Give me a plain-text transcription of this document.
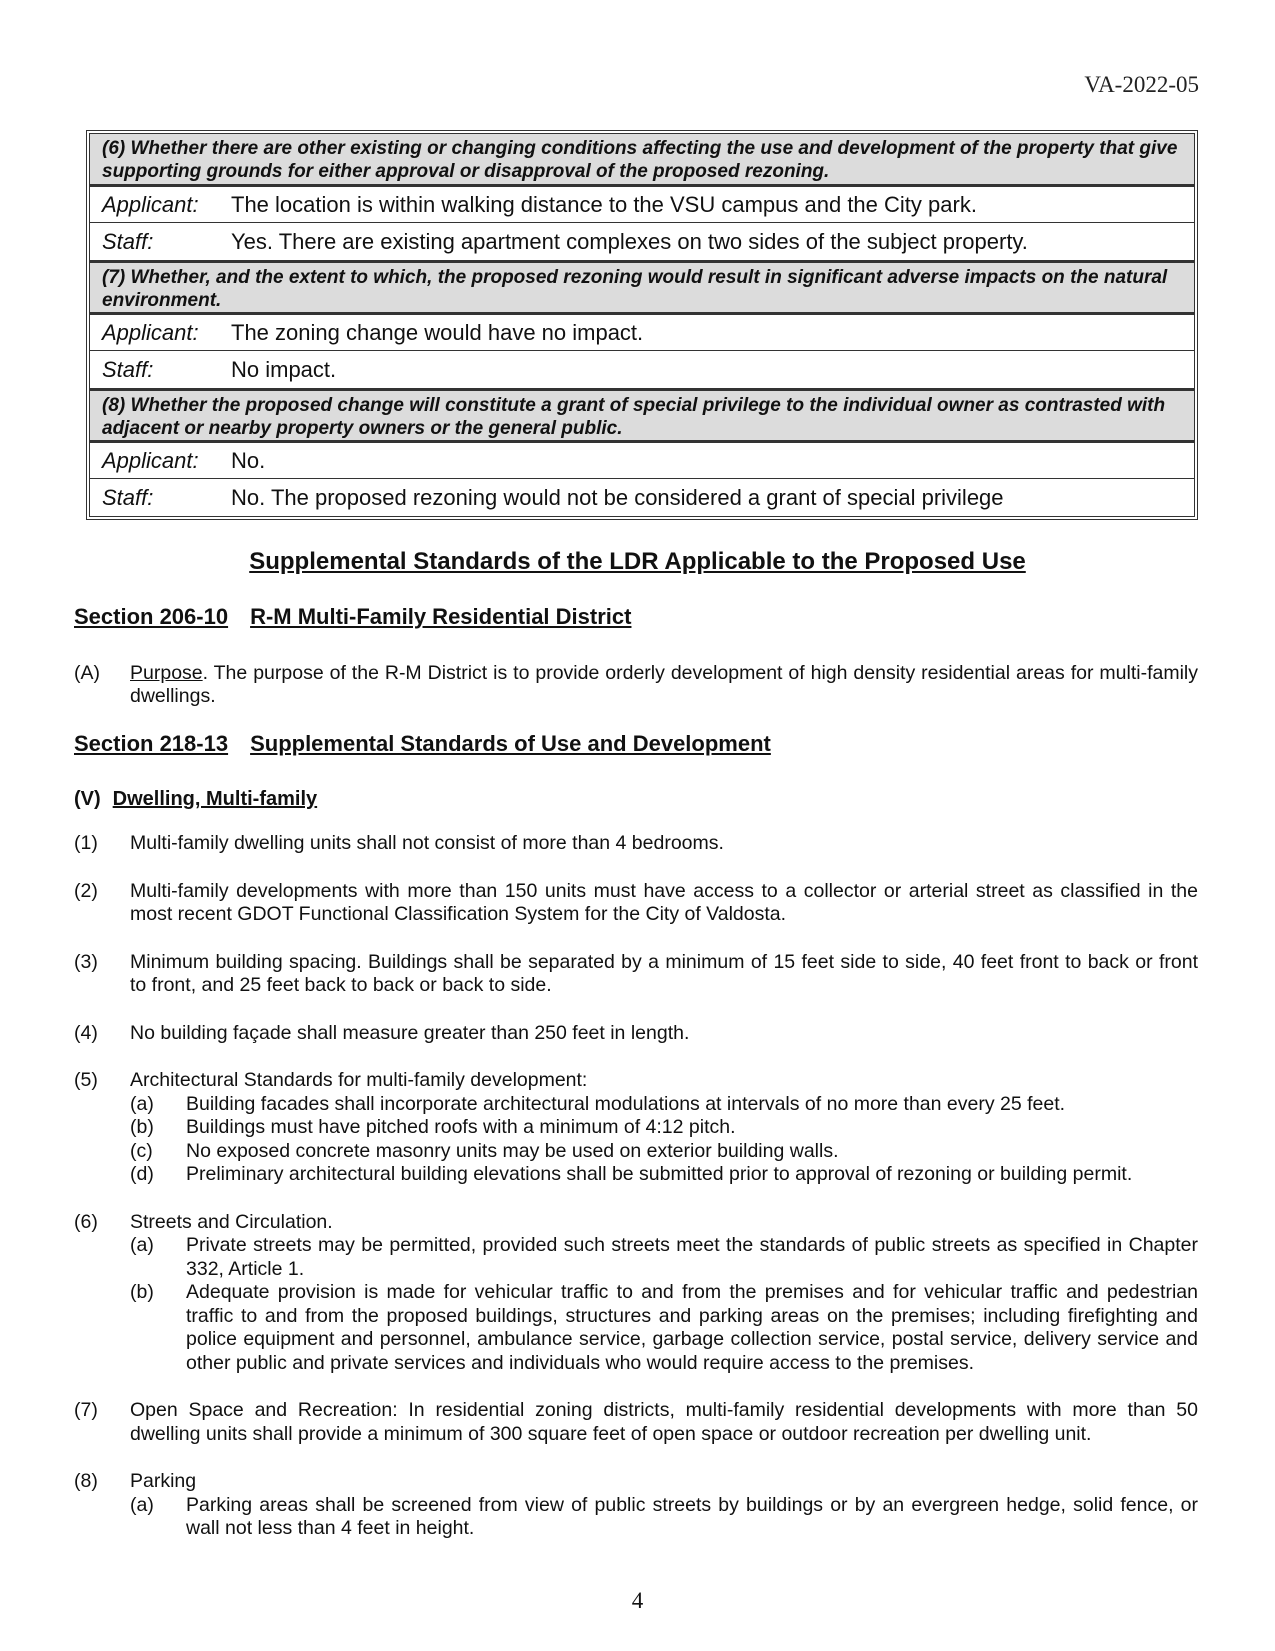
VA-2022-05
(6) Whether there are other existing or changing conditions affecting the use and development of the property that give supporting grounds for either approval or disapproval of the proposed rezoning.
Applicant:	The location is within walking distance to the VSU campus and the City park.
Staff:	Yes. There are existing apartment complexes on two sides of the subject property.
(7) Whether, and the extent to which, the proposed rezoning would result in significant adverse impacts on the natural environment.
Applicant:	The zoning change would have no impact.
Staff:	No impact.
(8) Whether the proposed change will constitute a grant of special privilege to the individual owner as contrasted with adjacent or nearby property owners or the general public.
Applicant:	No.
Staff:	No. The proposed rezoning would not be considered a grant of special privilege
Supplemental Standards of the LDR Applicable to the Proposed Use
Section 206-10 R-M Multi-Family Residential District
(A) Purpose. The purpose of the R-M District is to provide orderly development of high density residential areas for multi-family dwellings.
Section 218-13 Supplemental Standards of Use and Development
(V) Dwelling, Multi-family
(1) Multi-family dwelling units shall not consist of more than 4 bedrooms.
(2) Multi-family developments with more than 150 units must have access to a collector or arterial street as classified in the most recent GDOT Functional Classification System for the City of Valdosta.
(3) Minimum building spacing. Buildings shall be separated by a minimum of 15 feet side to side, 40 feet front to back or front to front, and 25 feet back to back or back to side.
(4) No building façade shall measure greater than 250 feet in length.
(5) Architectural Standards for multi-family development:
(a) Building facades shall incorporate architectural modulations at intervals of no more than every 25 feet.
(b) Buildings must have pitched roofs with a minimum of 4:12 pitch.
(c) No exposed concrete masonry units may be used on exterior building walls.
(d) Preliminary architectural building elevations shall be submitted prior to approval of rezoning or building permit.
(6) Streets and Circulation.
(a) Private streets may be permitted, provided such streets meet the standards of public streets as specified in Chapter 332, Article 1.
(b) Adequate provision is made for vehicular traffic to and from the premises and for vehicular traffic and pedestrian traffic to and from the proposed buildings, structures and parking areas on the premises; including firefighting and police equipment and personnel, ambulance service, garbage collection service, postal service, delivery service and other public and private services and individuals who would require access to the premises.
(7) Open Space and Recreation: In residential zoning districts, multi-family residential developments with more than 50 dwelling units shall provide a minimum of 300 square feet of open space or outdoor recreation per dwelling unit.
(8) Parking
(a) Parking areas shall be screened from view of public streets by buildings or by an evergreen hedge, solid fence, or wall not less than 4 feet in height.
4
